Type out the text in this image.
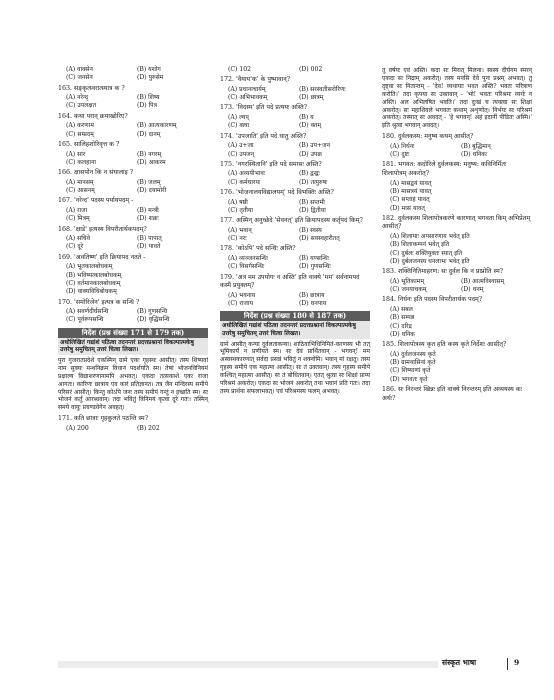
(A) वाक्सेन	(B) यशोग
(C) जनसेन	(D) पुरुसेम
163. सङ्कृत्स्वरात्स्यात्र क ?
(A) नरेन्द्	(B) शिष्य
(C) उपलक्षत	(D) पित्र
164. कथा परान् क्रयाखोरिए?
(A) करणाम	(B) आत्यकारणम्
(C) सम्प्रदम्	(D) दानम्
165. सालिहशोरिवृत्त क ?
(A) सार	(B) नगरम्
(C) कलहाना	(D) आकरम
166. क्षासपोन कि न संघालाइ ?
(A) मानसम्	(B) जलम्
(C) आसनम्	(D) दयामोरी
167. 'नरेन्द' पदस्य पर्यायपदम् -
(A) राजा	(B) मन्त्री
(C) मित्रम्	(D) शक्रः
168. 'क्षाडे' इत्यस्य विपरीतार्थकपदम्?
(A) सचिवे	(B) पापात्
(C) दूरे	(D) पावते
169. 'अवतिष्ण' इति क्रियापद नतते -
(A) भूतकालबोधकम्
(B) भविष्यत्कालबोधकम्
(C) वर्तमानकालबोधकम्
(D) वाक्यविधिबोधकम्
170. 'समोरिजेन' इत्यत्र क सन्धि ?
(A) सवर्णदीर्घसन्धि	(B) गुणसन्धि
(C) पूर्वरूपसन्धि	(D) वृद्धिसन्धि
निर्देश (प्रश्न संख्या 171 से 179 तक)
अधोलिखितं गद्यांशं पठित्वा तदनन्तरं प्रदत्तप्रश्नानां विकल्पात्मकेषु उत्तरेषु समुचितम् उत्तरं चित्वा लिखत।
पुरा गुजरातप्रदेशे एकस्मिन् ग्रामे एकः गृहस्थः आसीत्। तस्य शिष्यवां नाम सुक्यः मन्थनिक्रम विधानं पदर्शयति स्म। तेषां भोजनविनियमं प्रक्षाल्य विद्याशरणानामपि अभवत्। एकदा तत्सकाशे एकः राजा आगतः। कारिणः छात्राय एव कारं प्रतिज्ञानत। तत्र जैन मन्दिरस्य समीपे परिसरं आसीत्। किन्तु कोऽपि जनः तस्य समीपं गन्तुं न इच्छति स्म। सः भोजनं कर्तुं आरब्धवान्। तदा भवितुं विनिमयं कृत्वा दूरे गतः। तस्मिन् समये वायुः प्रचण्डवेगेन अवहत्।
171. कति छात्राः गृहकुलते पठन्ति स्म?
(A) 200	(B) 202
(C) 102	(D) 002
172. 'वैयाय'क' के पुष्पावान्?
(A) प्रधानाचार्यम्	(B) सरस्वतीसरोरिणः
(C) अभिभावकम्	(D) छात्रम्
173. 'विदस्य' इति पदे प्रत्ययः अस्ति?
(A) ल्यप्	(B) य
(C) क्त्वा	(D) क्तम्
174. 'उपजाति' इति पदे धातु अस्ति?
(A) उ+जा	(B) उप+जन
(C) उपजन्	(D) उपक्र
175. 'नगरस्थितानि' इति पदे समासः अस्ति?
(A) अव्ययीभावः	(B) द्वन्द्वः
(C) कर्मधारयः	(D) तत्पुरुषः
176. 'भोजनालयविद्यालयम्' पदे विभक्तिः अस्ति?
(A) षष्ठी	(B) सप्तमी
(C) तृतीया	(D) द्वितीया
177. अस्मिन् अनुच्छेदे 'सेवनत्' इति क्रियापदस्य कर्तृपदं किम्?
(A) भवान्	(B) स्वस्य
(C) नरः	(D) सवस्वहारीतत्
178. 'कोऽपि' पदे सन्धिः अस्ति?
(A) व्यञ्जनसन्धिः	(B) यण्सन्धिः
(C) विसर्गसन्धिः	(D) गुणसन्धिः
179. 'अत्र मम उपयोगः न अस्ति' इति वाक्ये 'मम' सर्वनामपदं कस्मै प्रयुक्तम्?
(A) भवनाय	(B) छात्राय
(C) राजाय	(D) धनपाय
निर्देश (प्रश्न संख्या 180 से 187 तक)
अधोलिखितं गद्यांशं पठित्वा तदनन्तरं प्रदत्तप्रश्नानां विकल्पात्मकेषु उत्तरेषु समुचितम् उत्तरं चित्वा लिखत।
ग्रामे आसीत् कन्या दुर्वलताकन्या। शाठिवाभिधिनिमितं-करणस्य भी तत् भूमिकार्यं न प्रणीयते स्म। सः देवं प्रार्थितवान् - भगवन्! मम अस्वस्थकारणात् सर्वदा प्रसन्नं भवितुं न शक्नोमि। भवान् मां रक्षतु। तस्य गृहस्य समीपे एक महात्मा आसीत्। सः तं उक्तवान्। तस्य गृहस्य समीपे कश्चित् महात्मा आसीत्। सः तं बोधितवान्। एतत् श्रुत्वा सः शिक्षां प्राप्य परिश्रमं अकरोत्। एकदा सः भोजनं अकरोत् तथा भवानं प्रति गतः। तदा तस्य प्रार्थना सफलाभवत्। एवं परिश्रमस्य फलम् अभवत्।
तु वर्षयः एवं अस्ति। कदा सः मिरात् मिलना। स्वस्य दीर्घगम स्मरन् एकदा सः निद्राम् अकरोत्। तस्य मनसि देवे पुनः प्रश्नम् अभवत्। तु दृष्ट्वा सः नितान्तम् - 'देव! व्यथायाः भवत अस्ति? भवतः परित्राण करोति।' तदा कृपया सः उक्तवान् - 'भो! भवतः परिश्रमः व्यर्थः न अस्ति। अल अभिलषित भवति।' तदा दुःखं च त्यक्त्वा सः शिक्षां अकरोत्। सः महाशिवले भगवतः कथाम् अशृणोत्। निर्भयः सः परिश्रमं अकरोत्। तस्मात् सः अवदत् - 'हे भगवन्! अहं इदानीं पीडितः अस्मि।' इति श्रुत्वा भगवान् अवदत्।
180. दुर्वलकस्य: मनुष्य कथम् आसीत्?
(A) निर्धनः	(B) बुद्धिमान्
(C) दुष्टः	(D) धनिकः
181. भगवत: कदोरिले दुर्वलकस्य: मनुष्य: कविनिर्मितः शिलापोत्रम् अकरोत्?
(A) मासद्वयं यावत्
(B) मासत्रयं यावत्
(C) सप्ताहं यावत्
(D) मासं यावत्
182. दुर्वलकस्य शिलापोत्रकरणे कारणात् भगवता किम् अभिप्रेतम् आसीत्?
(A) शिलायाः अपसारणाय भवेत् इति
(B) शिलाकम्पनं भवेत् इति
(C) दुर्बलः शक्तियुक्तः स्यात् इति
(D) दुर्बलजनस्य धनलाभः भवेत् इति
183. शक्तिनितिमाहरण: सः दुर्वल कि न प्राप्नोति स्म?
(A) भूतिकामम्	(B) आत्मविश्वासम्
(C) जनयाचकम्	(D) धनम्
184. निर्धनः इति पदस्य विपरीतार्थक पदम्?
(A) सबल
(B) सम्पन्न
(C) दरिद्र
(D) धनिक
185. शिलापोत्रस्य कृत हति कस्य कृते निर्देशः आसीत्?
(A) दुर्वलजनस्य कृते
(B) ग्रामवासिनां कृते
(C) शिष्याणां कृते
(D) भगवतः कृते
186. सः निरन्तरं खिन्नः इति वाक्ये निरन्तरम् इति अव्ययस्य कः अर्थः?
संस्कृत भाषा	9
